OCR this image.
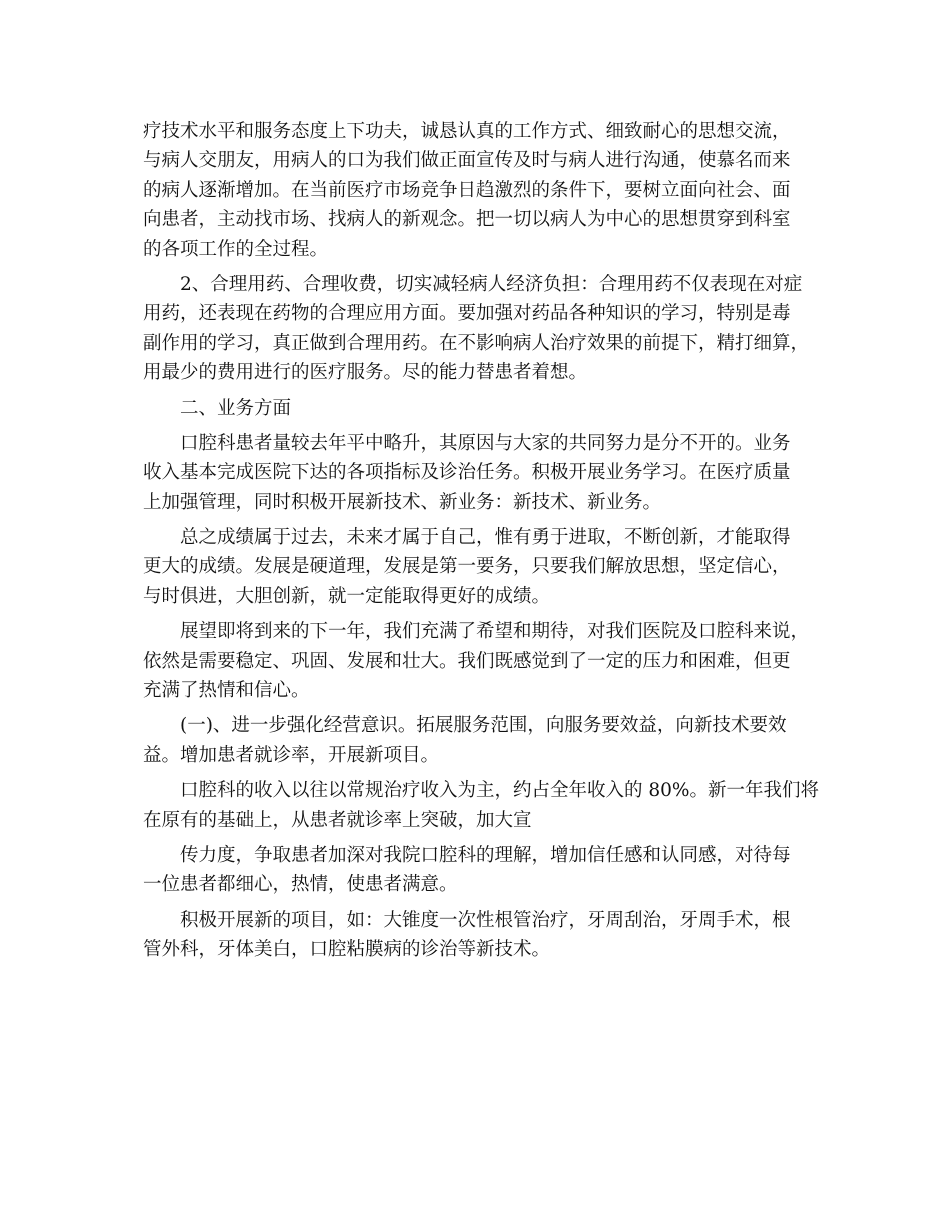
疗技术水平和服务态度上下功夫，诚恳认真的工作方式、细致耐心的思想交流，
与病人交朋友，用病人的口为我们做正面宣传及时与病人进行沟通，使慕名而来
的病人逐渐增加。在当前医疗市场竞争日趋激烈的条件下，要树立面向社会、面
向患者，主动找市场、找病人的新观念。把一切以病人为中心的思想贯穿到科室
的各项工作的全过程。
2、合理用药、合理收费，切实减轻病人经济负担：合理用药不仅表现在对症
用药，还表现在药物的合理应用方面。要加强对药品各种知识的学习，特别是毒
副作用的学习，真正做到合理用药。在不影响病人治疗效果的前提下，精打细算，
用最少的费用进行的医疗服务。尽的能力替患者着想。
二、业务方面
口腔科患者量较去年平中略升，其原因与大家的共同努力是分不开的。业务
收入基本完成医院下达的各项指标及诊治任务。积极开展业务学习。在医疗质量
上加强管理，同时积极开展新技术、新业务：新技术、新业务。
总之成绩属于过去，未来才属于自己，惟有勇于进取，不断创新，才能取得
更大的成绩。发展是硬道理，发展是第一要务，只要我们解放思想，坚定信心，
与时俱进，大胆创新，就一定能取得更好的成绩。
展望即将到来的下一年，我们充满了希望和期待，对我们医院及口腔科来说，
依然是需要稳定、巩固、发展和壮大。我们既感觉到了一定的压力和困难，但更
充满了热情和信心。
(一)、进一步强化经营意识。拓展服务范围，向服务要效益，向新技术要效
益。增加患者就诊率，开展新项目。
口腔科的收入以往以常规治疗收入为主，约占全年收入的 80%。新一年我们将
在原有的基础上，从患者就诊率上突破，加大宣
传力度，争取患者加深对我院口腔科的理解，增加信任感和认同感，对待每
一位患者都细心，热情，使患者满意。
积极开展新的项目，如：大锥度一次性根管治疗，牙周刮治，牙周手术，根
管外科，牙体美白，口腔粘膜病的诊治等新技术。
